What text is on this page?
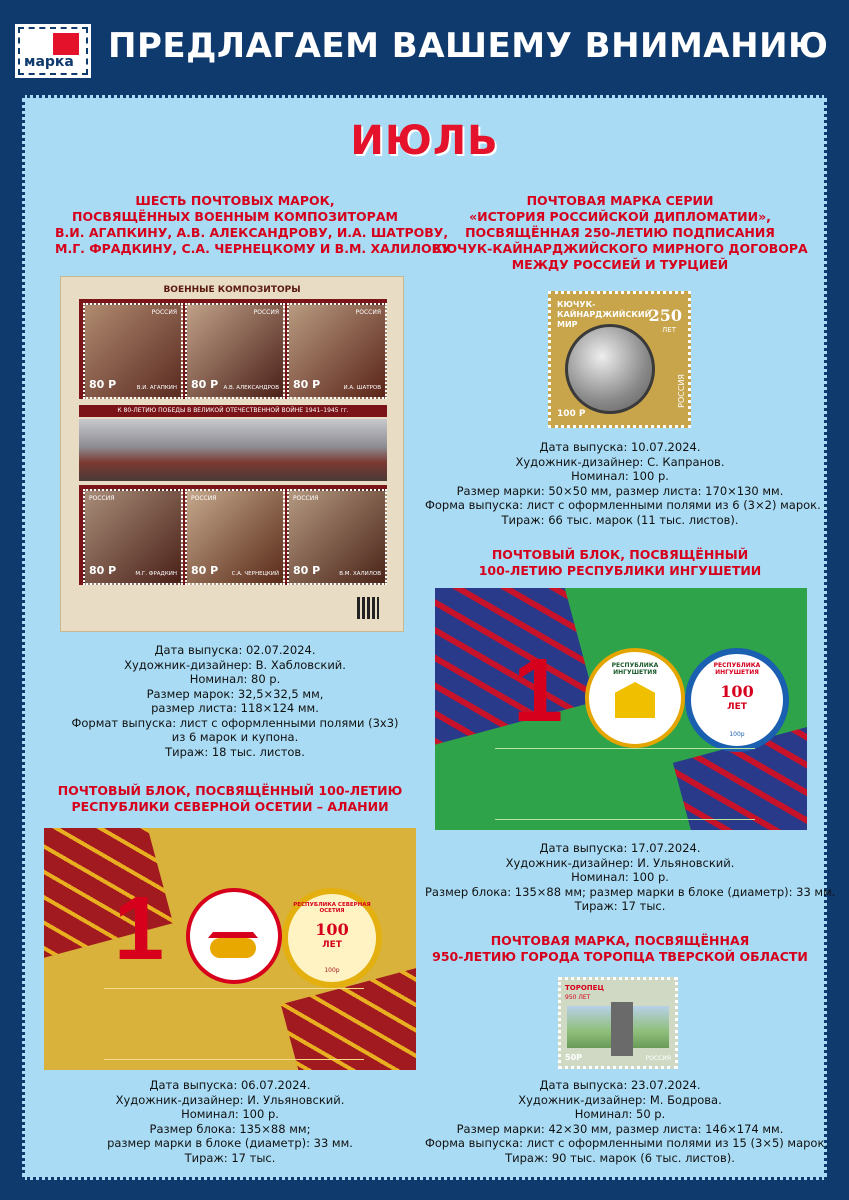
марка ПРЕДЛАГАЕМ ВАШЕМУ ВНИМАНИЮ
ИЮЛЬ
ШЕСТЬ ПОЧТОВЫХ МАРОК,
ПОСВЯЩЁННЫХ ВОЕННЫМ КОМПОЗИТОРАМ
В.И. АГАПКИНУ, А.В. АЛЕКСАНДРОВУ, И.А. ШАТРОВУ,
М.Г. ФРАДКИНУ, С.А. ЧЕРНЕЦКОМУ И В.М. ХАЛИЛОВУ
ВОЕННЫЕ КОМПОЗИТОРЫ
80 Р
РОССИЯ
В.И. АГАПКИН 80 Р
РОССИЯ
А.В. АЛЕКСАНДРОВ 80 Р
РОССИЯ
И.А. ШАТРОВ
К 80-ЛЕТИЮ ПОБЕДЫ В ВЕЛИКОЙ ОТЕЧЕСТВЕННОЙ ВОЙНЕ 1941–1945 гг.
80 Р
РОССИЯ
М.Г. ФРАДКИН 80 Р
РОССИЯ
С.А. ЧЕРНЕЦКИЙ 80 Р
РОССИЯ
В.М. ХАЛИЛОВ
Дата выпуска: 02.07.2024.
Художник-дизайнер: В. Хабловский.
Номинал: 80 р.
Размер марок: 32,5×32,5 мм,
размер листа: 118×124 мм.
Формат выпуска: лист с оформленными полями (3х3)
из 6 марок и купона.
Тираж: 18 тыс. листов.
ПОЧТОВАЯ МАРКА СЕРИИ
«ИСТОРИЯ РОССИЙСКОЙ ДИПЛОМАТИИ»,
ПОСВЯЩЁННАЯ 250-ЛЕТИЮ ПОДПИСАНИЯ
КЮЧУК-КАЙНАРДЖИЙСКОГО МИРНОГО ДОГОВОРА
МЕЖДУ РОССИЕЙ И ТУРЦИЕЙ
КЮЧУК-КАЙНАРДЖИЙСКИЙ МИР	250
ЛЕТ
РОССИЯ
100 Р
Дата выпуска: 10.07.2024.
Художник-дизайнер: С. Капранов.
Номинал: 100 р.
Размер марки: 50×50 мм, размер листа: 170×130 мм.
Форма выпуска: лист с оформленными полями из 6 (3×2) марок.
Тираж: 66 тыс. марок (11 тыс. листов).
ПОЧТОВЫЙ БЛОК, ПОСВЯЩЁННЫЙ
100-ЛЕТИЮ РЕСПУБЛИКИ ИНГУШЕТИИ
1	РЕСПУБЛИКА ИНГУШЕТИЯ
РЕСПУБЛИКА ИНГУШЕТИЯ
100
ЛЕТ
100р
Дата выпуска: 17.07.2024.
Художник-дизайнер: И. Ульяновский.
Номинал: 100 р.
Размер блока: 135×88 мм; размер марки в блоке (диаметр): 33 мм.
Тираж: 17 тыс.
ПОЧТОВЫЙ БЛОК, ПОСВЯЩЁННЫЙ 100-ЛЕТИЮ
РЕСПУБЛИКИ СЕВЕРНОЙ ОСЕТИИ – АЛАНИИ
1	РЕСПУБЛИКА СЕВЕРНАЯ ОСЕТИЯ
100
ЛЕТ
100р
Дата выпуска: 06.07.2024.
Художник-дизайнер: И. Ульяновский.
Номинал: 100 р.
Размер блока: 135×88 мм;
размер марки в блоке (диаметр): 33 мм.
Тираж: 17 тыс.
ПОЧТОВАЯ МАРКА, ПОСВЯЩЁННАЯ
950-ЛЕТИЮ ГОРОДА ТОРОПЦА ТВЕРСКОЙ ОБЛАСТИ
ТОРОПЕЦ
950 ЛЕТ
50Р	РОССИЯ
Дата выпуска: 23.07.2024.
Художник-дизайнер: М. Бодрова.
Номинал: 50 р.
Размер марки: 42×30 мм, размер листа: 146×174 мм.
Форма выпуска: лист с оформленными полями из 15 (3×5) марок.
Тираж: 90 тыс. марок (6 тыс. листов).
